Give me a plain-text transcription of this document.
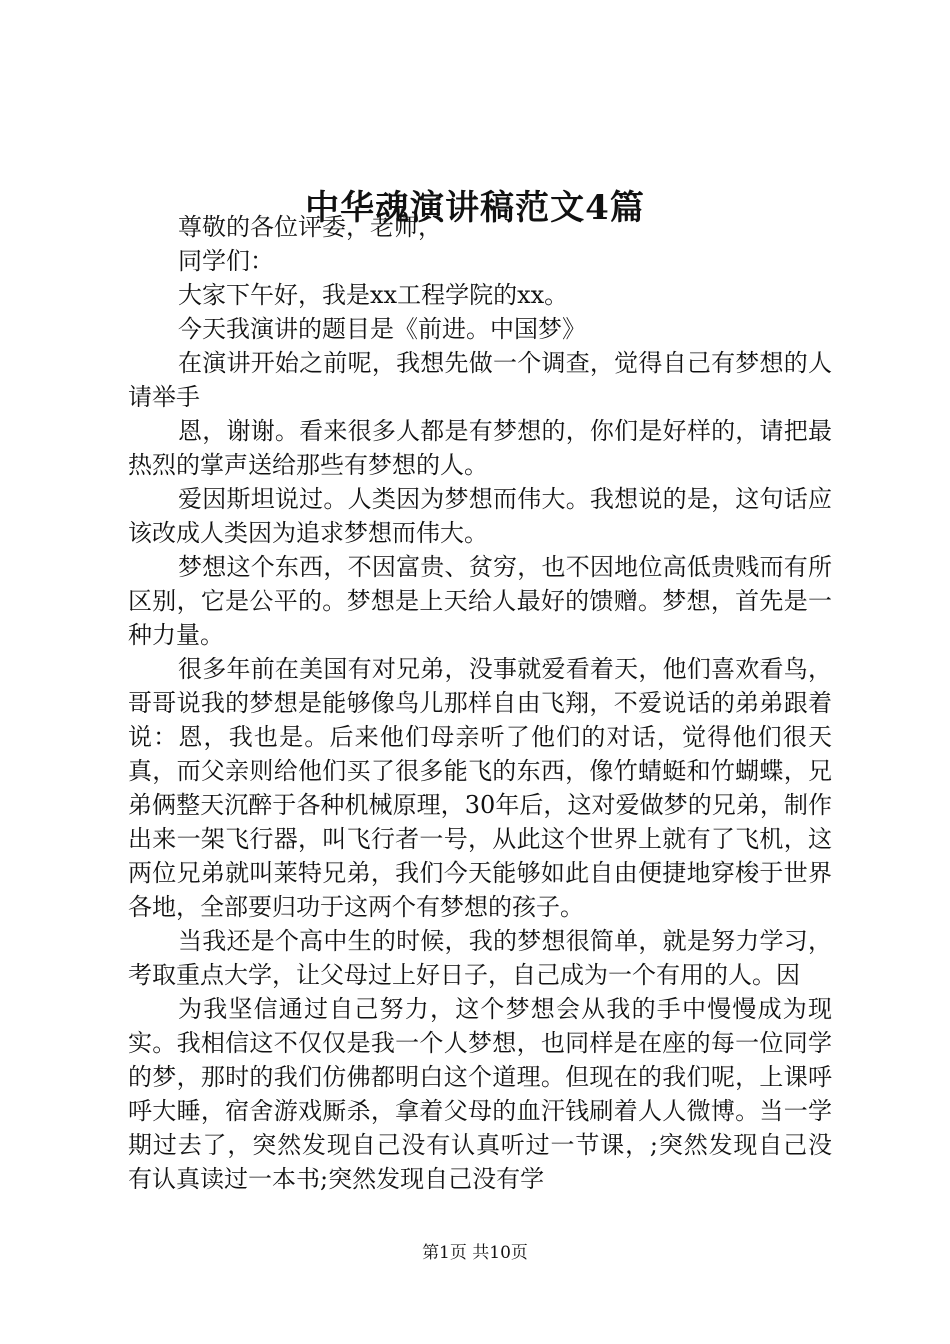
中华魂演讲稿范文4篇

尊敬的各位评委，老师，

同学们：

大家下午好，我是xx工程学院的xx。

今天我演讲的题目是《前进。中国梦》

在演讲开始之前呢，我想先做一个调查，觉得自己有梦想的人请举手

恩，谢谢。看来很多人都是有梦想的，你们是好样的，请把最热烈的掌声送给那些有梦想的人。

爱因斯坦说过。人类因为梦想而伟大。我想说的是，这句话应该改成人类因为追求梦想而伟大。

梦想这个东西，不因富贵、贫穷，也不因地位高低贵贱而有所区别，它是公平的。梦想是上天给人最好的馈赠。梦想，首先是一种力量。

很多年前在美国有对兄弟，没事就爱看着天，他们喜欢看鸟，哥哥说我的梦想是能够像鸟儿那样自由飞翔，不爱说话的弟弟跟着说：恩，我也是。后来他们母亲听了他们的对话，觉得他们很天真，而父亲则给他们买了很多能飞的东西，像竹蜻蜓和竹蝴蝶，兄弟俩整天沉醉于各种机械原理，30年后，这对爱做梦的兄弟，制作出来一架飞行器，叫飞行者一号，从此这个世界上就有了飞机，这两位兄弟就叫莱特兄弟，我们今天能够如此自由便捷地穿梭于世界各地，全部要归功于这两个有梦想的孩子。

当我还是个高中生的时候，我的梦想很简单，就是努力学习，考取重点大学，让父母过上好日子，自己成为一个有用的人。因

为我坚信通过自己努力，这个梦想会从我的手中慢慢成为现实。我相信这不仅仅是我一个人梦想，也同样是在座的每一位同学的梦，那时的我们仿佛都明白这个道理。但现在的我们呢，上课呼呼大睡，宿舍游戏厮杀，拿着父母的血汗钱刷着人人微博。当一学期过去了，突然发现自己没有认真听过一节课，;突然发现自己没有认真读过一本书;突然发现自己没有学

第1页 共10页
